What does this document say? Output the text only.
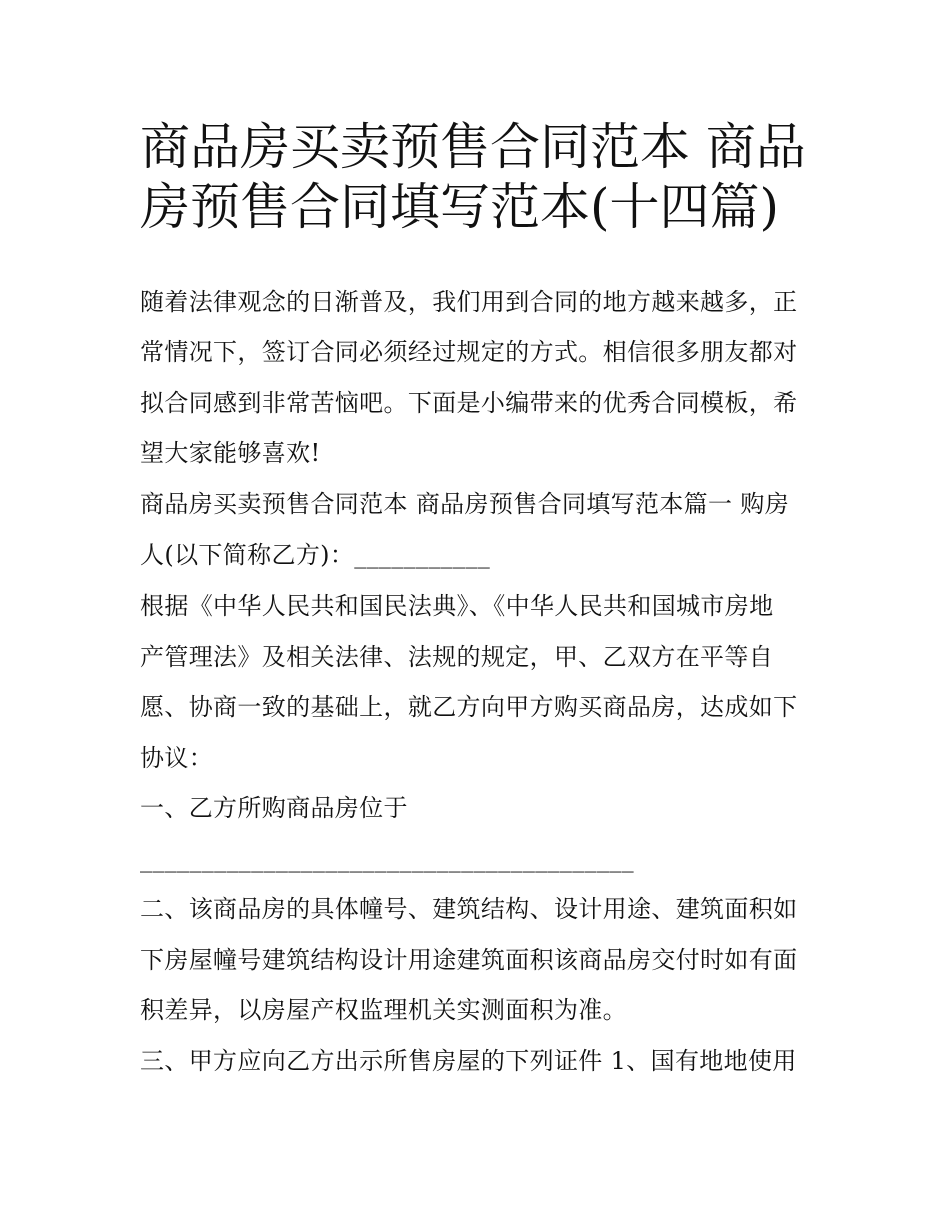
商品房买卖预售合同范本 商品
房预售合同填写范本(十四篇)
随着法律观念的日渐普及，我们用到合同的地方越来越多，正
常情况下，签订合同必须经过规定的方式。相信很多朋友都对
拟合同感到非常苦恼吧。下面是小编带来的优秀合同模板，希
望大家能够喜欢!
商品房买卖预售合同范本 商品房预售合同填写范本篇一 购房
人(以下简称乙方)：___________
根据《中华人民共和国民法典》、《中华人民共和国城市房地
产管理法》及相关法律、法规的规定，甲、乙双方在平等自
愿、协商一致的基础上，就乙方向甲方购买商品房，达成如下
协议：
一、乙方所购商品房位于
________________________________________
二、该商品房的具体幢号、建筑结构、设计用途、建筑面积如
下房屋幢号建筑结构设计用途建筑面积该商品房交付时如有面
积差异，以房屋产权监理机关实测面积为准。
三、甲方应向乙方出示所售房屋的下列证件 1、国有地地使用
